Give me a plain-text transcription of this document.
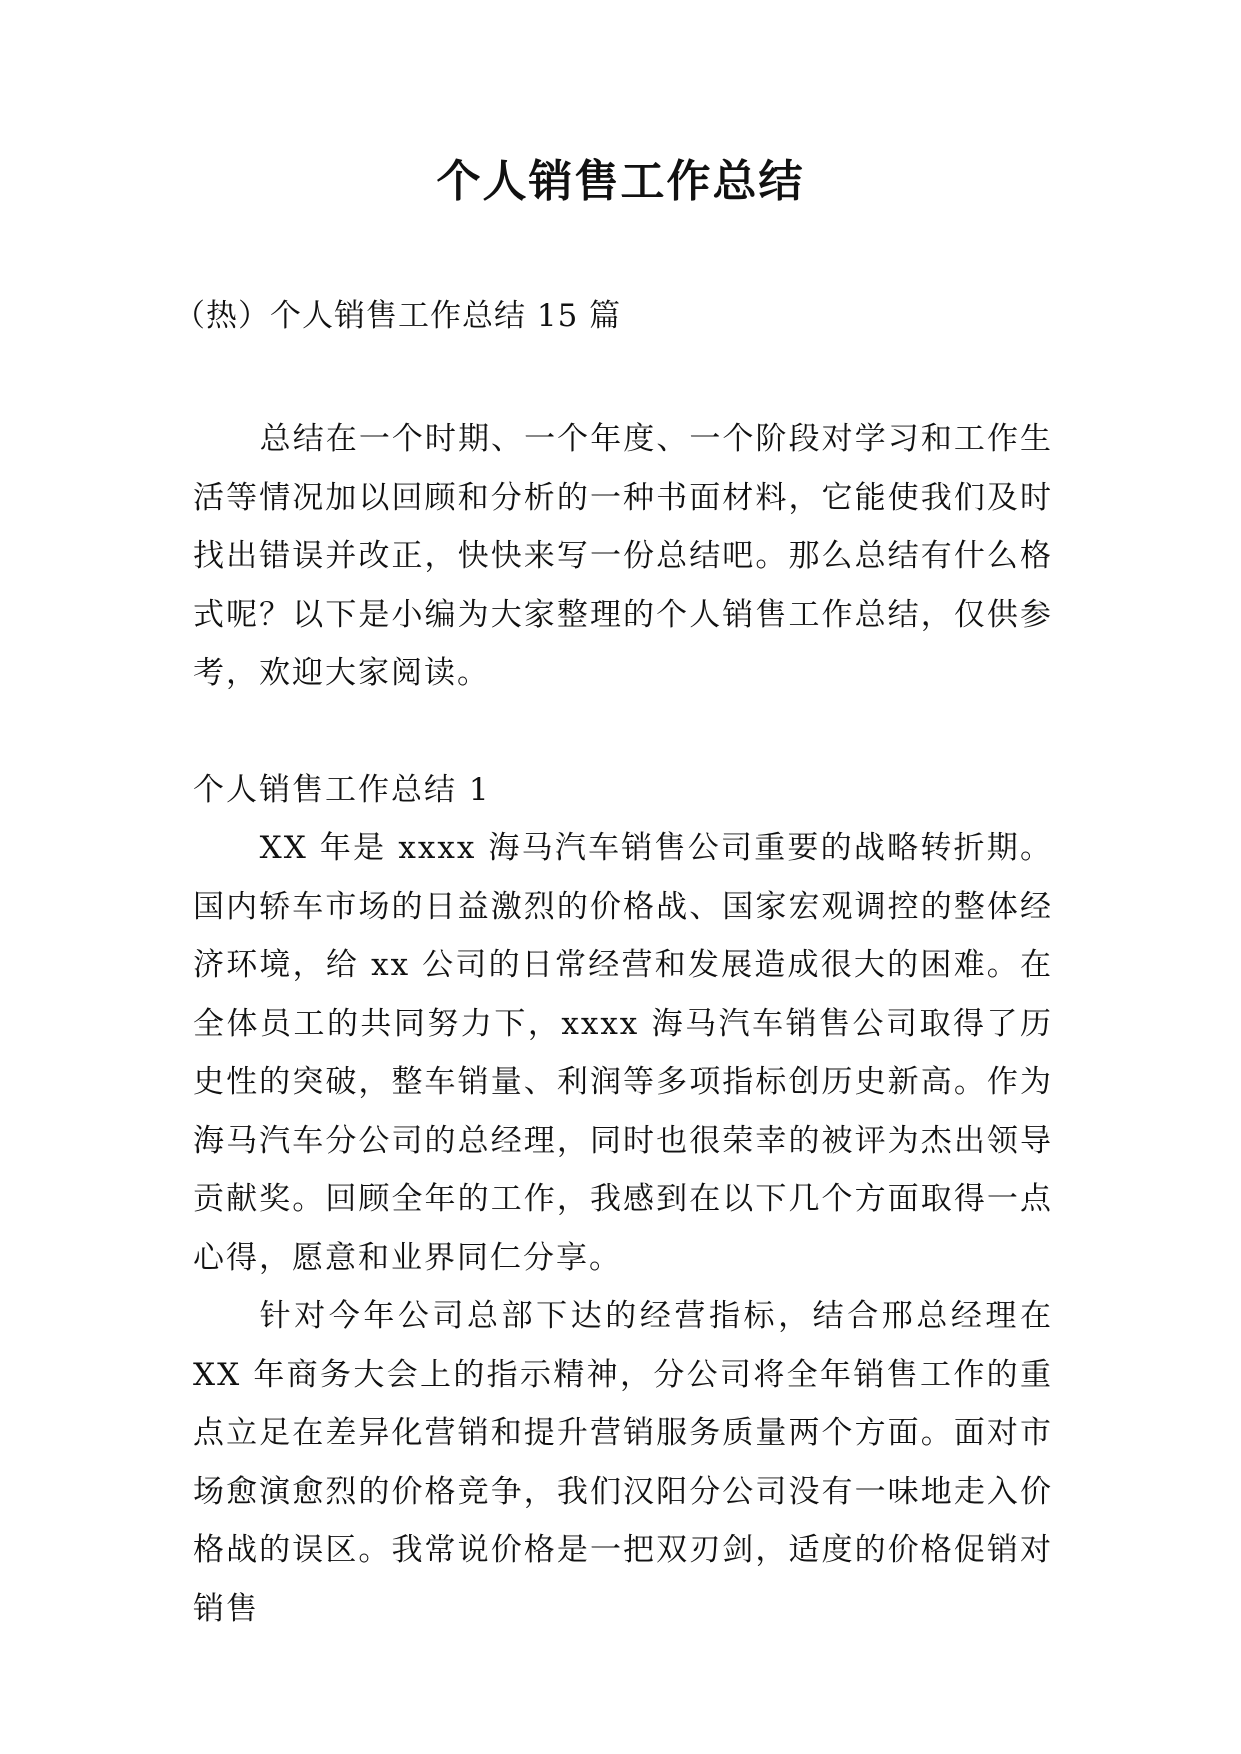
个人销售工作总结
（热）个人销售工作总结 15 篇

总结在一个时期、一个年度、一个阶段对学习和工作生活等情况加以回顾和分析的一种书面材料，它能使我们及时找出错误并改正，快快来写一份总结吧。那么总结有什么格式呢？以下是小编为大家整理的个人销售工作总结，仅供参考，欢迎大家阅读。

个人销售工作总结 1

XX 年是 xxxx 海马汽车销售公司重要的战略转折期。国内轿车市场的日益激烈的价格战、国家宏观调控的整体经济环境，给 xx 公司的日常经营和发展造成很大的困难。在全体员工的共同努力下，xxxx 海马汽车销售公司取得了历史性的突破，整车销量、利润等多项指标创历史新高。作为海马汽车分公司的总经理，同时也很荣幸的被评为杰出领导贡献奖。回顾全年的工作，我感到在以下几个方面取得一点心得，愿意和业界同仁分享。

针对今年公司总部下达的经营指标，结合邢总经理在 XX 年商务大会上的指示精神，分公司将全年销售工作的重点立足在差异化营销和提升营销服务质量两个方面。面对市场愈演愈烈的价格竞争，我们汉阳分公司没有一味地走入价格战的误区。我常说价格是一把双刃剑，适度的价格促销对销售
